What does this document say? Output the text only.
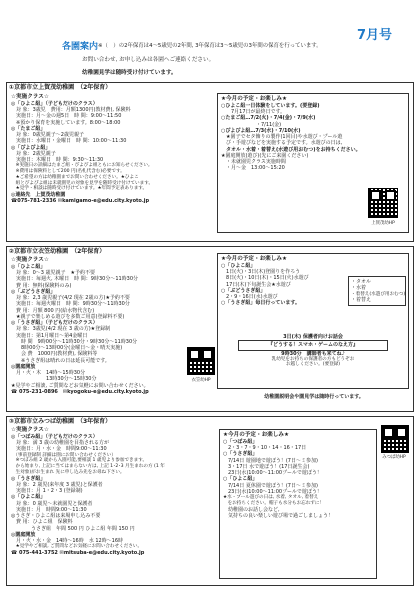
7月号
各園案内 ※（　）の2年保育は4～5歳児の2年間, 3年保育は3～5歳児の3年間の保育を行っています。
お問い合わせ, お申し込みは各園へご連絡ください。
幼稚園見学は随時受け付けています。
①京都市立上賀茂幼稚園　（2年保育）

☆実施クラス☆

◎「ひよこ組」（子どもだけのクラス）

　対 象：3歳児　費用：月額1300円(教材費), 保険料

　実施日：月～金の週5日　時 間：9:00～11:50

　※預かり保育を実施しています。8:00～18:00

◎「たまご組」

　対 象：0歳児親子～2歳児親子

　実施日：水曜日・金曜日　時 間：10:00～11:30

◎「ぴよぴよ組」

　対 象：2歳児親子

　実施日：木曜日　時 間：9:30～11:30

　※実施日の詳細はたまご組・ぴよぴよ組ともにお知らせください。

　※費用は保険料として200 円(名札代含む)必要です。

　★ご希望の方は幼稚園までお問い合わせください。★ひよこ

　組とぴよぴよ組は未就園児の対象を見学を随時受け付けています。

　★見学・相談は随時受け付けています。★年間予定表あります。

◎連絡先　上賀茂幼稚園

☎075-781-2336 ✉kamigamo-e@edu.city.kyoto.jp

★今月の予定・お楽しみ★

○ひよこ組一日体験をしています。(要登録)

　　7月17日が最終日です。

○たまご組…7/2(火)・7/4(金)・7/9(水)

　　　　　　　・7/11(金)

○ぴよぴよ組…7/3(水)・7/10(水)

　★園子でセタ飾りの製作(1回目)や水遊び・プール遊

　び・手遊びなどを実施する予定です。水遊びの日は,

　タオル・水着・着替え(水遊び用おむつ)をお持ちください。

★園庭開放(遊び)(先にご来園ください)

　・未就園児クラス実施時間

　・月～金　13:00～15:20

上賀茂幼HP
②京都市立衣笠幼稚園　（2年保育）

☆実施クラス☆

◎「ひよこ組」

　対 象：0～3 歳児親子　★予約不要

　実施日：毎週火, 木曜日　時 間：9時30分～11時30分

　費 用：無料(保険料のみ)

◎「ぶどうさぎ組」

　対 象：2,3 歳児親子(4/2 現在 2歳の方)★予約不要

　実施日：毎週火曜日　時 間：9時30分～11時30分

　費 用：月額 800 円(給水物代含む)

　★親子で楽しめる遊びを多数ご用意(登録料不要)

◎「うさぎ組」（子どもだけのクラス）

　対 象：3歳児(4/2 現在 3 歳の方)★登録制

　実施日：第1月曜日～第4金曜日

　　時 間　9時00分～11時30分・9時30分～11時30分

　　8時00分～13時00分(金曜日～金・晴天実施)

　　会 費　1000円(教材費), 保険料等

　　※うさぎ組は晴れの日は延長可能です。

◎園庭開放

　月・火・木　14時～15時30分

　　　　　　　13時30分～15時30分

★見学やご相談, ご質問などお気軽にお問い合わせください。

☎ 075-231-0896　✉kyogoku-e@edu.city.kyoto.jp

★今月の予定・お楽しみ★

○「ひよこ組」

　1日(火)・3日(木)登園りを作ろう

　8日(火)・10日(木)・15日(火)水遊び

　17日(木)下旬誕生会★水遊び

○「ぶどうさぎ組」

　2・9・16日(水)水遊び

○「うさぎ組」毎日行っています。

・タオル

・水着

・着替え(水遊び用おむつ)

・着替え

3日(木) 保護者向けお話会

『どうする！スマホ・ゲームのなえ方』

9時30分　講師者も来てね♪

乳幼児をお持ちの保護者の方もどうぞお

お越しください。(要登録)

衣笠幼HP

幼稚園説明会や園見学は随時行っています。

③京都市立みつば幼稚園　（3年保育）

☆実施クラス☆

◎「つぼみ組」（子どもだけのクラス）

　対 象：満 3 歳の幼稚園を目指される方が

　実施日：月・水・金　時間9:00～11:30

　（事前登録制 詳細は園にお問い合わせください）

　※つぼみ組 2 歳から入園可能,要相談 1 歳児より参加できます。

　から始まり, 上記に当てはまらない方は, 上記 1･2･3 月生まれの方 (1 年

　生対象)がお生まれ 先に申し込み先をお尋ね下さい。

◎「うさぎ組」

　対 象：2 歳児(来年度 3 歳児)と保護者

　実施日：月 1・2・3 (登録制)

◎「ひよこ組」

　対 象：0 歳児～未就園児と保護者

　実施日：月　時間9:00～11:30

◎うさぎ・ひよこ組は来場申し込み不要

　費 用：ひよこ組　保険料

　　　　うさぎ組　年間 500 円 ひよこ組 年間 150 円

◎園庭開放

　月・火・水・金　14時～16時　水 12時～16時

　★見学やご相談, ご質問などお気軽にお問い合わせください。

☎ 075-441-3752 ✉mitsuba-e@edu.city.kyoto.jp

みつば幼HP

★今月の予定・お楽しみ★

○「つぼみ組」

　2・3・7・9・10・14・16・17日

○「うさぎ組」

　7/14日 遊園地で遊ぼう！(7日～ミ参加)

　3・17日 水で遊ぼう！(17日誕生会)

　23日(水)10:00～11:00プールで遊ぼう！

○「ひよこ組」

　7/14日 夏休園で遊ぼう！(7日～ミ参加)

　23日(水)10:00～11:00プールで遊ぼう！

★水・プール遊びの日は, 水着, タオル, 着替え

　をお持ちください。帽子も水分もお忘れずに！

　幼稚園のお話し会など,

　気持ちの良い楽しい遊び場で過ごしましょう！
